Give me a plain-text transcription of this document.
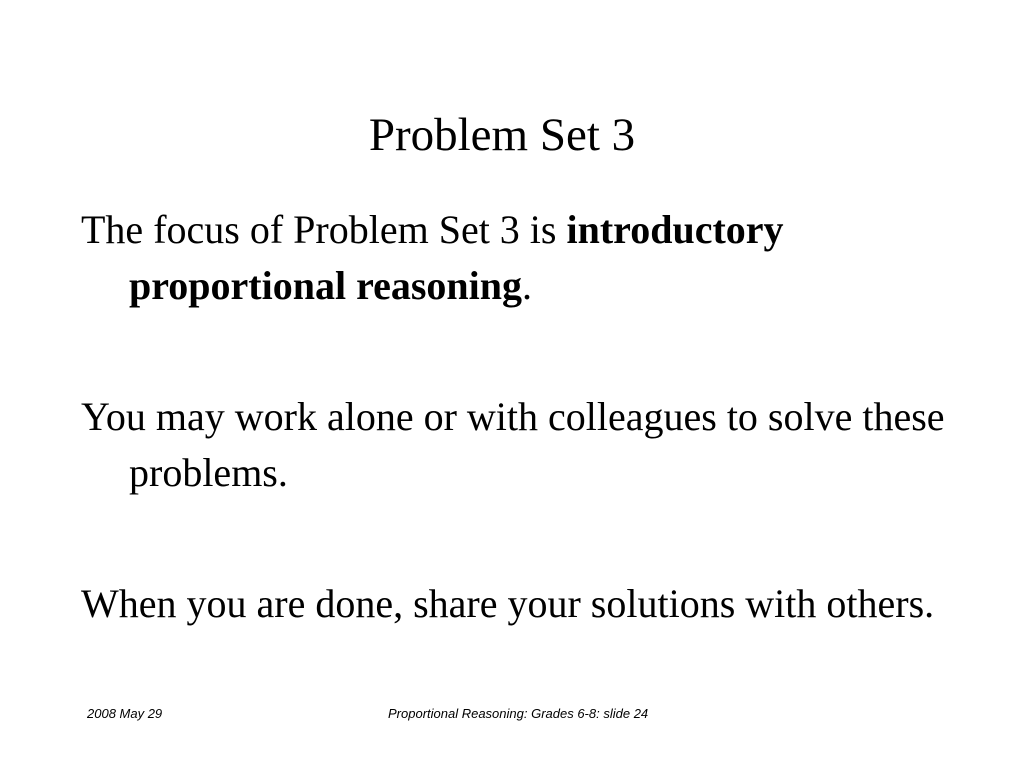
Problem Set 3
The focus of Problem Set 3 is introductory proportional reasoning.
You may work alone or with colleagues to solve these problems.
When you are done, share your solutions with others.
2008 May 29	Proportional Reasoning: Grades 6-8: slide 24
